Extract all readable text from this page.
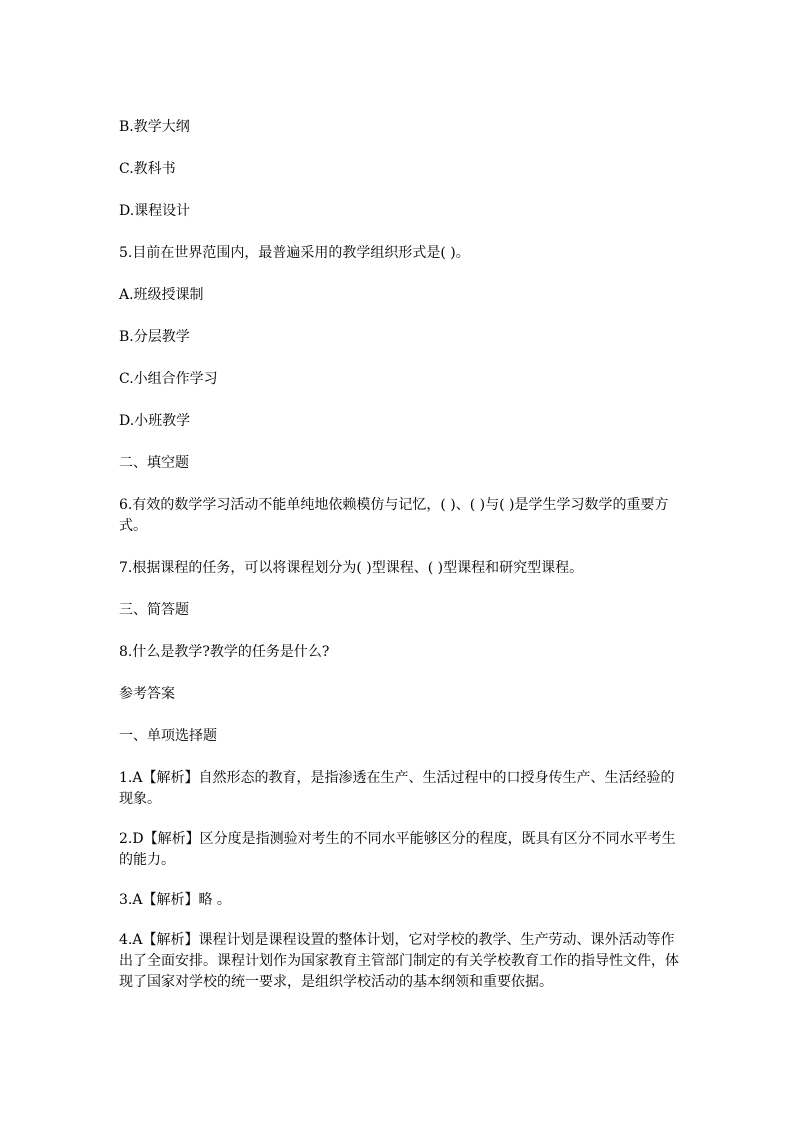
B.教学大纲

C.教科书

D.课程设计

5.目前在世界范围内，最普遍采用的教学组织形式是( )。

A.班级授课制

B.分层教学

C.小组合作学习

D.小班教学

二、填空题

6.有效的数学学习活动不能单纯地依赖模仿与记忆，( )、( )与( )是学生学习数学的重要方式。

7.根据课程的任务，可以将课程划分为( )型课程、( )型课程和研究型课程。

三、简答题

8.什么是教学?教学的任务是什么?

参考答案

一、单项选择题

1.A【解析】自然形态的教育，是指渗透在生产、生活过程中的口授身传生产、生活经验的现象。

2.D【解析】区分度是指测验对考生的不同水平能够区分的程度，既具有区分不同水平考生的能力。

3.A【解析】略 。

4.A【解析】课程计划是课程设置的整体计划，它对学校的教学、生产劳动、课外活动等作出了全面安排。课程计划作为国家教育主管部门制定的有关学校教育工作的指导性文件，体现了国家对学校的统一要求，是组织学校活动的基本纲领和重要依据。
